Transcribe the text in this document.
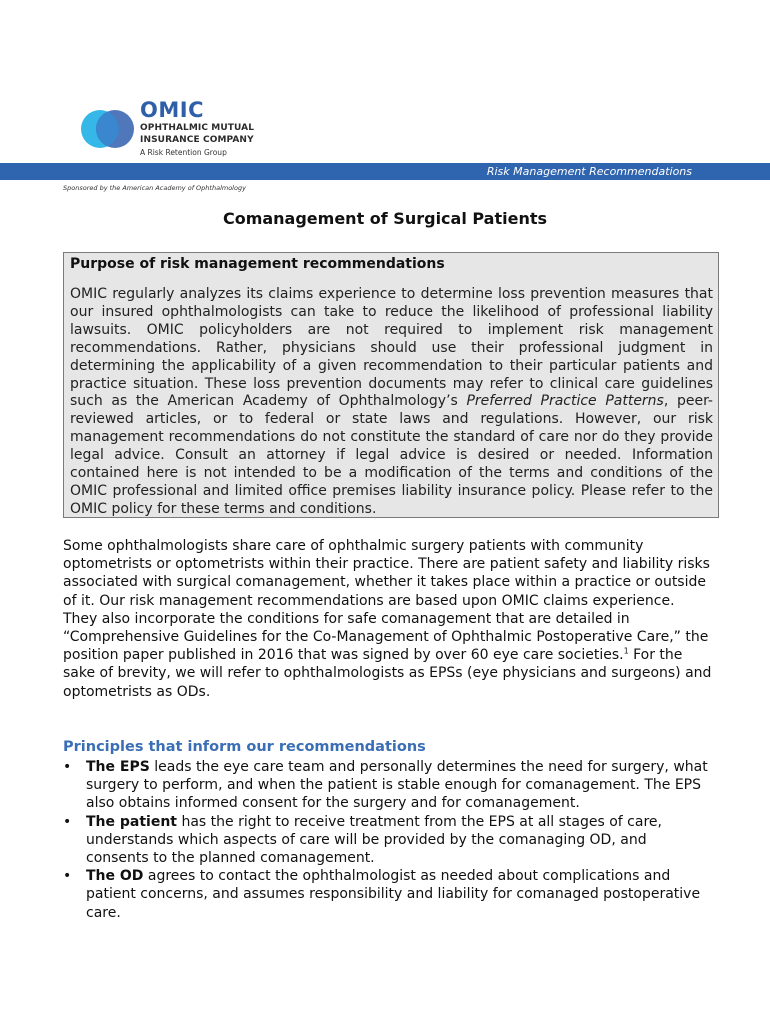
OMIC
OPHTHALMIC MUTUAL
INSURANCE COMPANY
A Risk Retention Group
Risk Management Recommendations
Sponsored by the American Academy of Ophthalmology
Comanagement of Surgical Patients

Purpose of risk management recommendations

OMIC regularly analyzes its claims experience to determine loss prevention measures that our insured ophthalmologists can take to reduce the likelihood of professional liability lawsuits. OMIC policyholders are not required to implement risk management recommendations. Rather, physicians should use their professional judgment in determining the applicability of a given recommendation to their particular patients and practice situation. These loss prevention documents may refer to clinical care guidelines such as the American Academy of Ophthalmology’s Preferred Practice Patterns, peer-reviewed articles, or to federal or state laws and regulations. However, our risk management recommendations do not constitute the standard of care nor do they provide legal advice. Consult an attorney if legal advice is desired or needed. Information contained here is not intended to be a modification of the terms and conditions of the OMIC professional and limited office premises liability insurance policy. Please refer to the OMIC policy for these terms and conditions.

Some ophthalmologists share care of ophthalmic surgery patients with community optometrists or optometrists within their practice. There are patient safety and liability risks associated with surgical comanagement, whether it takes place within a practice or outside of it. Our risk management recommendations are based upon OMIC claims experience. They also incorporate the conditions for safe comanagement that are detailed in “Comprehensive Guidelines for the Co-Management of Ophthalmic Postoperative Care,” the position paper published in 2016 that was signed by over 60 eye care societies.$^1$ For the sake of brevity, we will refer to ophthalmologists as EPSs (eye physicians and surgeons) and optometrists as ODs.

Principles that inform our recommendations

• The EPS leads the eye care team and personally determines the need for surgery, what surgery to perform, and when the patient is stable enough for comanagement. The EPS also obtains informed consent for the surgery and for comanagement.
• The patient has the right to receive treatment from the EPS at all stages of care, understands which aspects of care will be provided by the comanaging OD, and consents to the planned comanagement.
• The OD agrees to contact the ophthalmologist as needed about complications and patient concerns, and assumes responsibility and liability for comanaged postoperative care.
